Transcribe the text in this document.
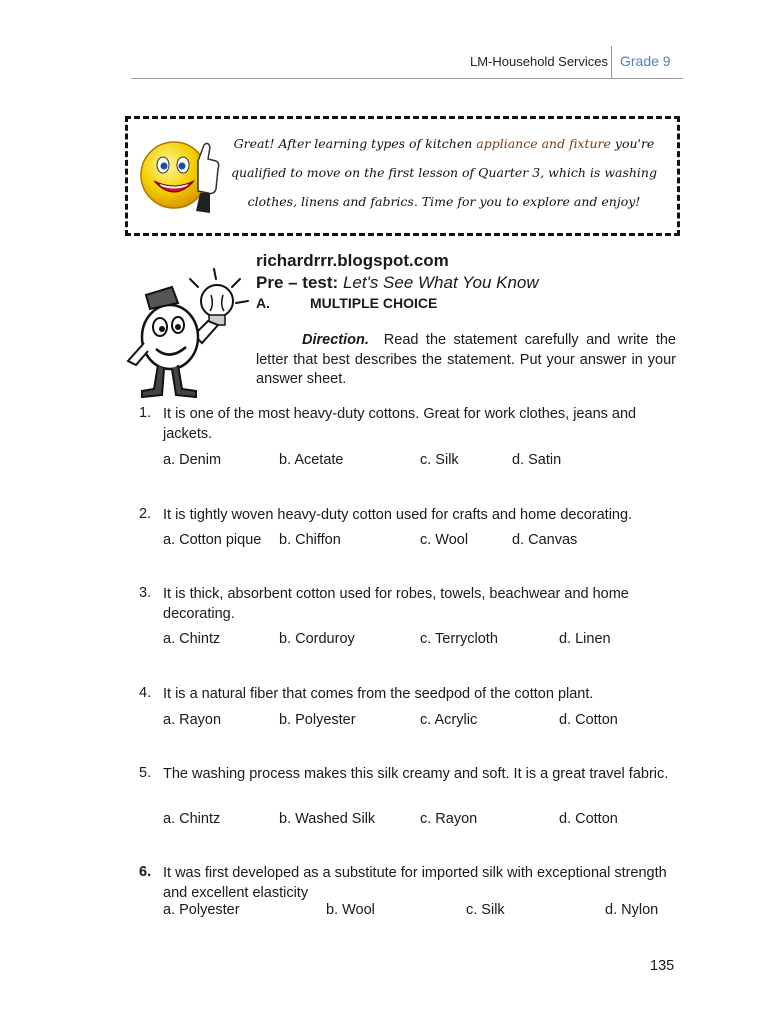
LM-Household Services Grade 9
Great! After learning types of kitchen appliance and fixture you're
qualified to move on the first lesson of Quarter 3, which is washing
clothes, linens and fabrics. Time for you to explore and enjoy!
richardrrr.blogspot.com
Pre – test: Let's See What You Know
A.	MULTIPLE CHOICE
Direction. Read the statement carefully and write the letter that best describes the statement. Put your answer in your answer sheet.
1. It is one of the most heavy-duty cottons. Great for work clothes, jeans and jackets.
a. Denim	b. Acetate	c. Silk	d. Satin
2. It is tightly woven heavy-duty cotton used for crafts and home decorating.
a. Cotton pique b. Chiffon	c. Wool	d. Canvas
3. It is thick, absorbent cotton used for robes, towels, beachwear and home decorating.
a. Chintz	b. Corduroy	c. Terrycloth	d. Linen
4. It is a natural fiber that comes from the seedpod of the cotton plant.
a. Rayon	b. Polyester	c. Acrylic	d. Cotton
5. The washing process makes this silk creamy and soft. It is a great travel fabric.
a. Chintz	b. Washed Silk	c. Rayon	d. Cotton
6. It was first developed as a substitute for imported silk with exceptional strength and excellent elasticity
a. Polyester	b. Wool	c. Silk	d. Nylon
135
